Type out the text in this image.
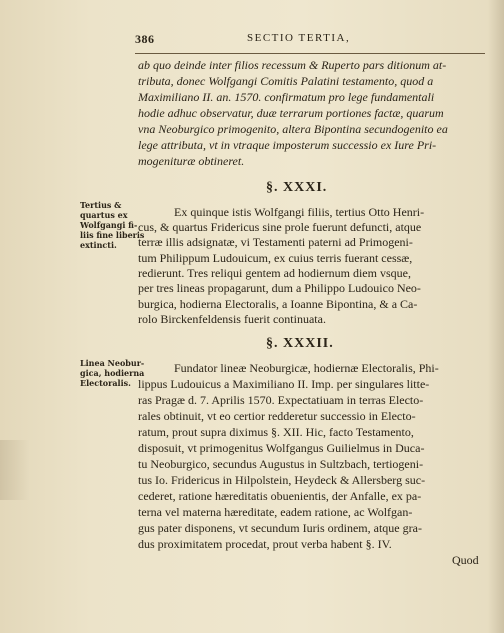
386	SECTIO TERTIA,
ab quo deinde inter filios recessum & Ruperto pars ditionum at-
tributa, donec Wolfgangi Comitis Palatini testamento, quod a
Maximiliano II. an. 1570. confirmatum pro lege fundamentali
hodie adhuc observatur, duæ terrarum portiones factæ, quarum
vna Neoburgico primogenito, altera Bipontina secundogenito ea
lege attributa, vt in vtraque imposterum successio ex Iure Pri-
mogenituræ obtineret.
§. XXXI.
Tertius &
quartus ex
Wolfgangi fi-
liis fine liberis
extincti.
Ex quinque istis Wolfgangi filiis, tertius Otto Henri-
cus, & quartus Fridericus sine prole fuerunt defuncti, atque
terræ illis adsignatæ, vi Testamenti paterni ad Primogeni-
tum Philippum Ludouicum, ex cuius terris fuerant cessæ,
redierunt. Tres reliqui gentem ad hodiernum diem vsque,
per tres lineas propagarunt, dum a Philippo Ludouico Neo-
burgica, hodierna Electoralis, a Ioanne Bipontina, & a Ca-
rolo Birckenfeldensis fuerit continuata.
§. XXXII.
Linea Neobur-
gica, hodierna
Electoralis.
Fundator lineæ Neoburgicæ, hodiernæ Electoralis, Phi-
lippus Ludouicus a Maximiliano II. Imp. per singulares litte-
ras Pragæ d. 7. Aprilis 1570. Expectatiuam in terras Electo-
rales obtinuit, vt eo certior redderetur successio in Electo-
ratum, prout supra diximus §. XII. Hic, facto Testamento,
disposuit, vt primogenitus Wolfgangus Guilielmus in Duca-
tu Neoburgico, secundus Augustus in Sultzbach, tertiogeni-
tus Io. Fridericus in Hilpolstein, Heydeck & Allersberg suc-
cederet, ratione hæreditatis obuenientis, der Anfalle, ex pa-
terna vel materna hæreditate, eadem ratione, ac Wolfgan-
gus pater disponens, vt secundum Iuris ordinem, atque gra-
dus proximitatem procedat, prout verba habent §. IV.
Quod
